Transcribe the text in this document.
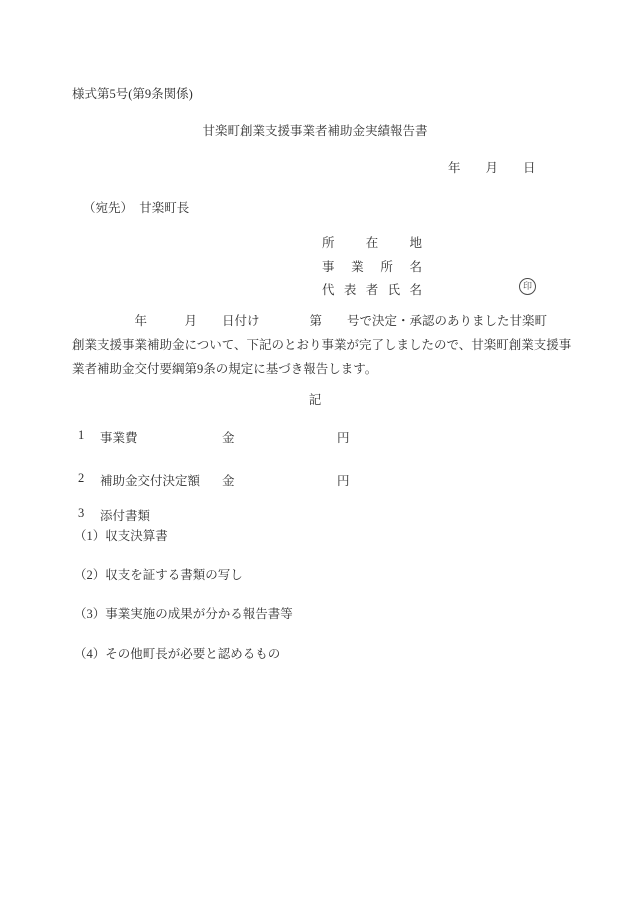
様式第5号(第9条関係)
甘楽町創業支援事業者補助金実績報告書
年　　月　　日
（宛先）　甘楽町長
所在地
事業所名
代表者氏名	印
　　　　　年　　　月　　日付け　　　　第　　号で決定・承認のありました甘楽町
創業支援事業補助金について、下記のとおり事業が完了しましたので、甘楽町創業支援事
業者補助金交付要綱第9条の規定に基づき報告します。
記
1 事業費	金	円
2 補助金交付決定額 金	円
3 添付書類
（1）収支決算書
（2）収支を証する書類の写し
（3）事業実施の成果が分かる報告書等
（4）その他町長が必要と認めるもの
